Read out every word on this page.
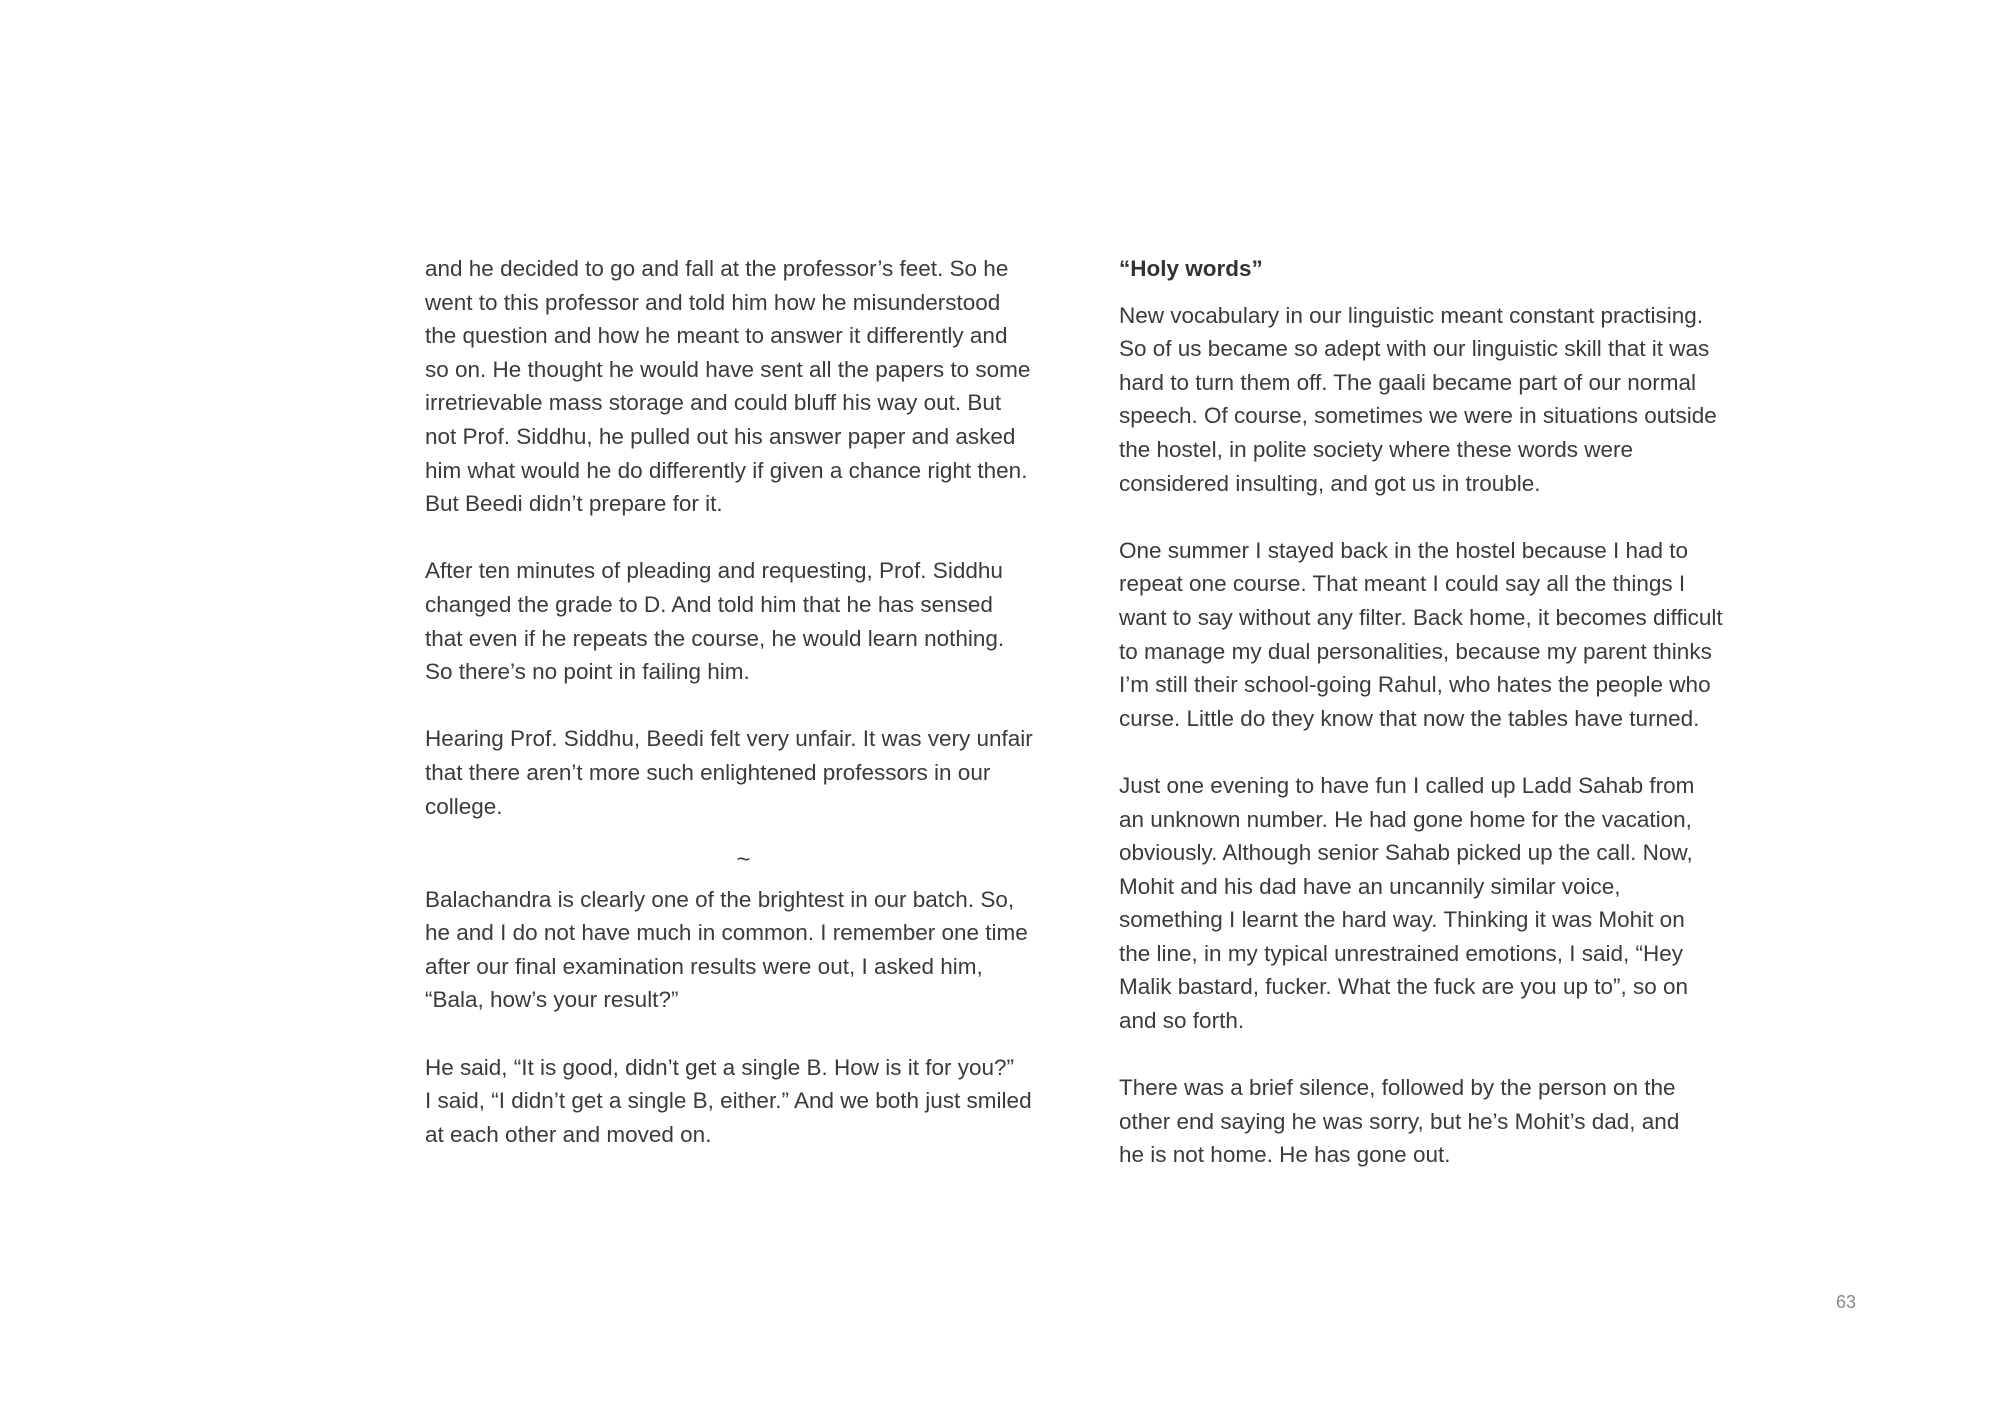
and he decided to go and fall at the professor’s feet. So he
went to this professor and told him how he misunderstood
the question and how he meant to answer it differently and
so on. He thought he would have sent all the papers to some
irretrievable mass storage and could bluff his way out. But
not Prof. Siddhu, he pulled out his answer paper and asked
him what would he do differently if given a chance right then.
But Beedi didn’t prepare for it.

After ten minutes of pleading and requesting, Prof. Siddhu
changed the grade to D. And told him that he has sensed
that even if he repeats the course, he would learn nothing.
So there’s no point in failing him.

Hearing Prof. Siddhu, Beedi felt very unfair. It was very unfair
that there aren’t more such enlightened professors in our
college.

~

Balachandra is clearly one of the brightest in our batch. So,
he and I do not have much in common. I remember one time
after our final examination results were out, I asked him,
“Bala, how’s your result?”

He said, “It is good, didn’t get a single B. How is it for you?”
I said, “I didn’t get a single B, either.” And we both just smiled
at each other and moved on.

“Holy words”

New vocabulary in our linguistic meant constant practising.
So of us became so adept with our linguistic skill that it was
hard to turn them off. The gaali became part of our normal
speech. Of course, sometimes we were in situations outside
the hostel, in polite society where these words were
considered insulting, and got us in trouble.

One summer I stayed back in the hostel because I had to
repeat one course. That meant I could say all the things I
want to say without any filter. Back home, it becomes difficult
to manage my dual personalities, because my parent thinks
I’m still their school-going Rahul, who hates the people who
curse. Little do they know that now the tables have turned.

Just one evening to have fun I called up Ladd Sahab from
an unknown number. He had gone home for the vacation,
obviously. Although senior Sahab picked up the call. Now,
Mohit and his dad have an uncannily similar voice,
something I learnt the hard way. Thinking it was Mohit on
the line, in my typical unrestrained emotions, I said, “Hey
Malik bastard, fucker. What the fuck are you up to”, so on
and so forth.

There was a brief silence, followed by the person on the
other end saying he was sorry, but he’s Mohit’s dad, and
he is not home. He has gone out.

63
